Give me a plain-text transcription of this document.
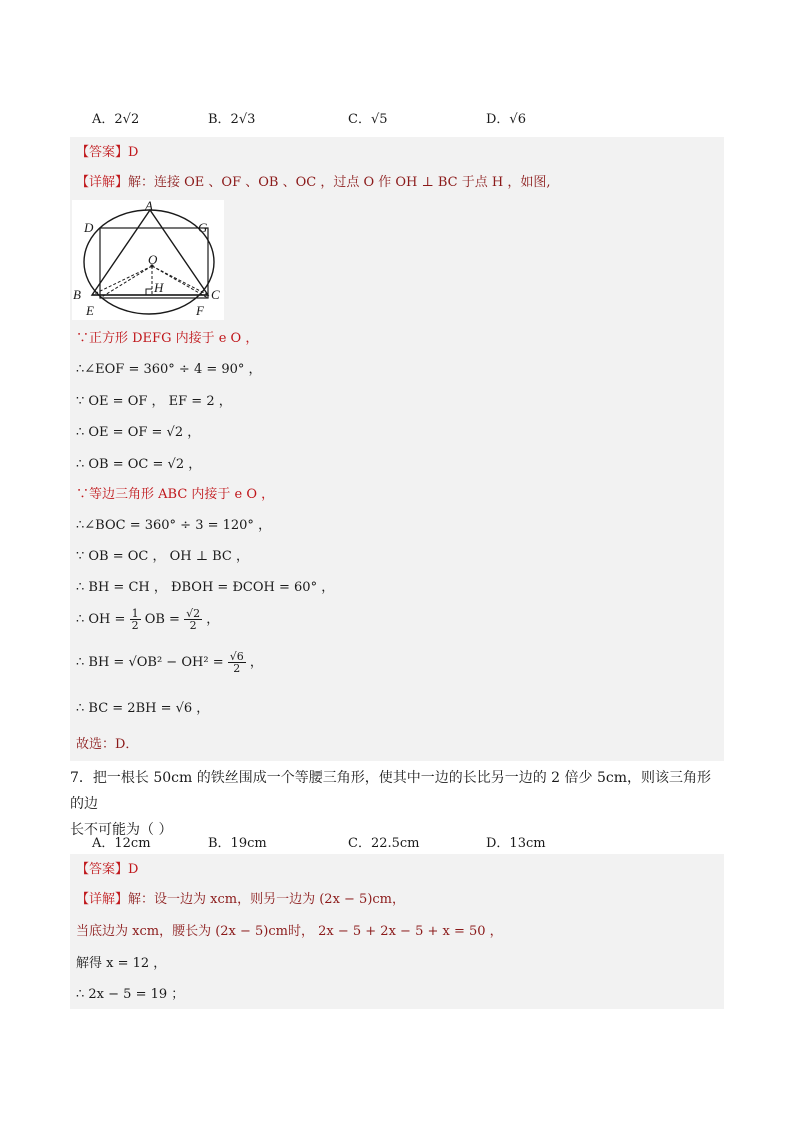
A．2√2	B．2√3	C．√5	D．√6
【答案】D
【详解】解：连接 OE 、OF 、OB 、OC ，过点 O 作 OH ⊥ BC 于点 H ，如图,
A
D	G
O
B	C
H
E	F
∵正方形 DEFG 内接于 e O ，
∴∠EOF = 360° ÷ 4 = 90° ，
∵ OE = OF ， EF = 2 ，
∴ OE = OF = √2 ，
∴ OB = OC = √2 ，
∵等边三角形 ABC 内接于 e O ，
∴∠BOC = 360° ÷ 3 = 120° ，
∵ OB = OC ， OH ⊥ BC ，
∴ BH = CH ， ÐBOH = ÐCOH = 60° ，
∴ OH = $\frac{1}{2}$ OB = $\frac{√2}{2}$ ，
∴ BH = $√OB^2 - OH^2 = \frac{√6}{2}$ ，
∴ BC = 2BH = √6 ，
故选：D．
7．把一根长 50cm 的铁丝围成一个等腰三角形，使其中一边的长比另一边的 2 倍少 5cm，则该三角形的边
长不可能为（ ）
A．12cm	B．19cm	C．22.5cm	D．13cm
【答案】D
【详解】解：设一边为 xcm，则另一边为 (2x − 5)cm，
当底边为 xcm，腰长为 (2x − 5)cm时， 2x − 5 + 2x − 5 + x = 50 ，
解得 x = 12 ，
∴ 2x − 5 = 19 ；
